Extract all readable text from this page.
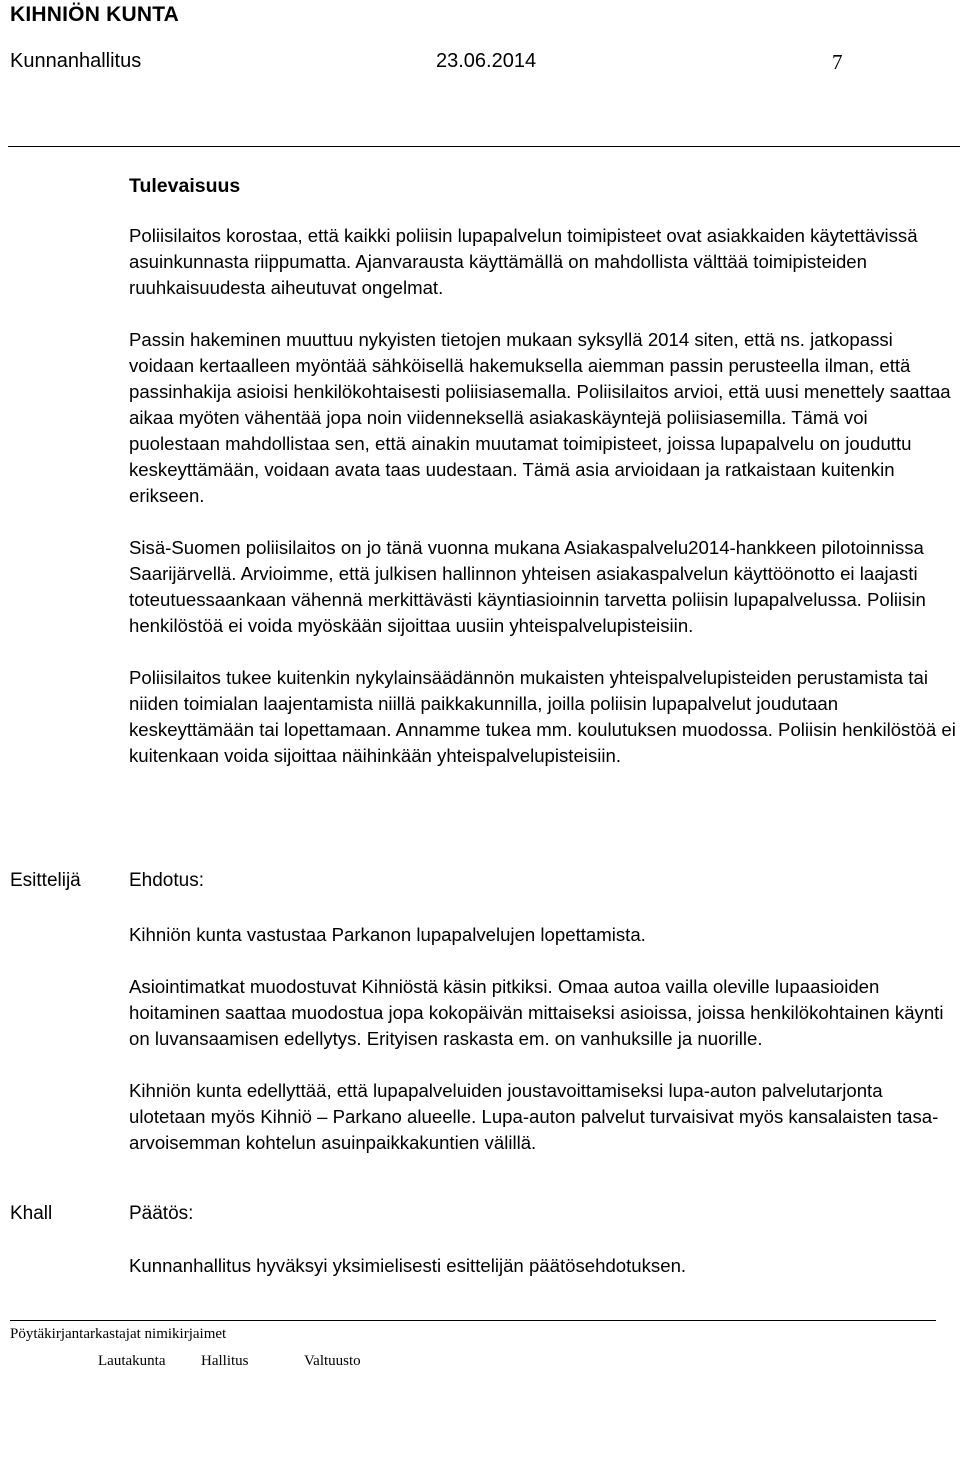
KIHNIÖN KUNTA
Kunnanhallitus	23.06.2014	7

Tulevaisuus

Poliisilaitos korostaa, että kaikki poliisin lupapalvelun toimipisteet ovat asiakkaiden käytettävissä asuinkunnasta riippumatta. Ajanvarausta käyttämällä on mahdollista välttää toimipisteiden ruuhkaisuudesta aiheutuvat ongelmat.

Passin hakeminen muuttuu nykyisten tietojen mukaan syksyllä 2014 siten, että ns. jatkopassi voidaan kertaalleen myöntää sähköisellä hakemuksella aiemman passin perusteella ilman, että passinhakija asioisi henkilökohtaisesti poliisiasemalla. Poliisilaitos arvioi, että uusi menettely saattaa aikaa myöten vähentää jopa noin viidenneksellä asiakaskäyntejä poliisiasemilla. Tämä voi puolestaan mahdollistaa sen, että ainakin muutamat toimipisteet, joissa lupapalvelu on jouduttu keskeyttämään, voidaan avata taas uudestaan. Tämä asia arvioidaan ja ratkaistaan kuitenkin erikseen.

Sisä-Suomen poliisilaitos on jo tänä vuonna mukana Asiakaspalvelu2014-hankkeen pilotoinnissa Saarijärvellä. Arvioimme, että julkisen hallinnon yhteisen asiakaspalvelun käyttöönotto ei laajasti toteutuessaankaan vähennä merkittävästi käyntiasioinnin tarvetta poliisin lupapalvelussa. Poliisin henkilöstöä ei voida myöskään sijoittaa uusiin yhteispalvelupisteisiin.

Poliisilaitos tukee kuitenkin nykylainsäädännön mukaisten yhteispalvelupisteiden perustamista tai niiden toimialan laajentamista niillä paikkakunnilla, joilla poliisin lupapalvelut joudutaan keskeyttämään tai lopettamaan. Annamme tukea mm. koulutuksen muodossa. Poliisin henkilöstöä ei kuitenkaan voida sijoittaa näihinkään yhteispalvelupisteisiin.

Esittelijä	Ehdotus:

Kihniön kunta vastustaa Parkanon lupapalvelujen lopettamista.

Asiointimatkat muodostuvat Kihniöstä käsin pitkiksi. Omaa autoa vailla oleville lupaasioiden hoitaminen saattaa muodostua jopa kokopäivän mittaiseksi asioissa, joissa henkilökohtainen käynti on luvansaamisen edellytys. Erityisen raskasta em. on vanhuksille ja nuorille.

Kihniön kunta edellyttää, että lupapalveluiden joustavoittamiseksi lupa-auton palvelutarjonta ulotetaan myös Kihniö – Parkano alueelle. Lupa-auton palvelut turvaisivat myös kansalaisten tasa-arvoisemman kohtelun asuinpaikkakuntien välillä.

Khall	Päätös:
Kunnanhallitus hyväksyi yksimielisesti esittelijän päätösehdotuksen.
Pöytäkirjantarkastajat nimikirjaimet
Lautakunta Hallitus	Valtuusto
